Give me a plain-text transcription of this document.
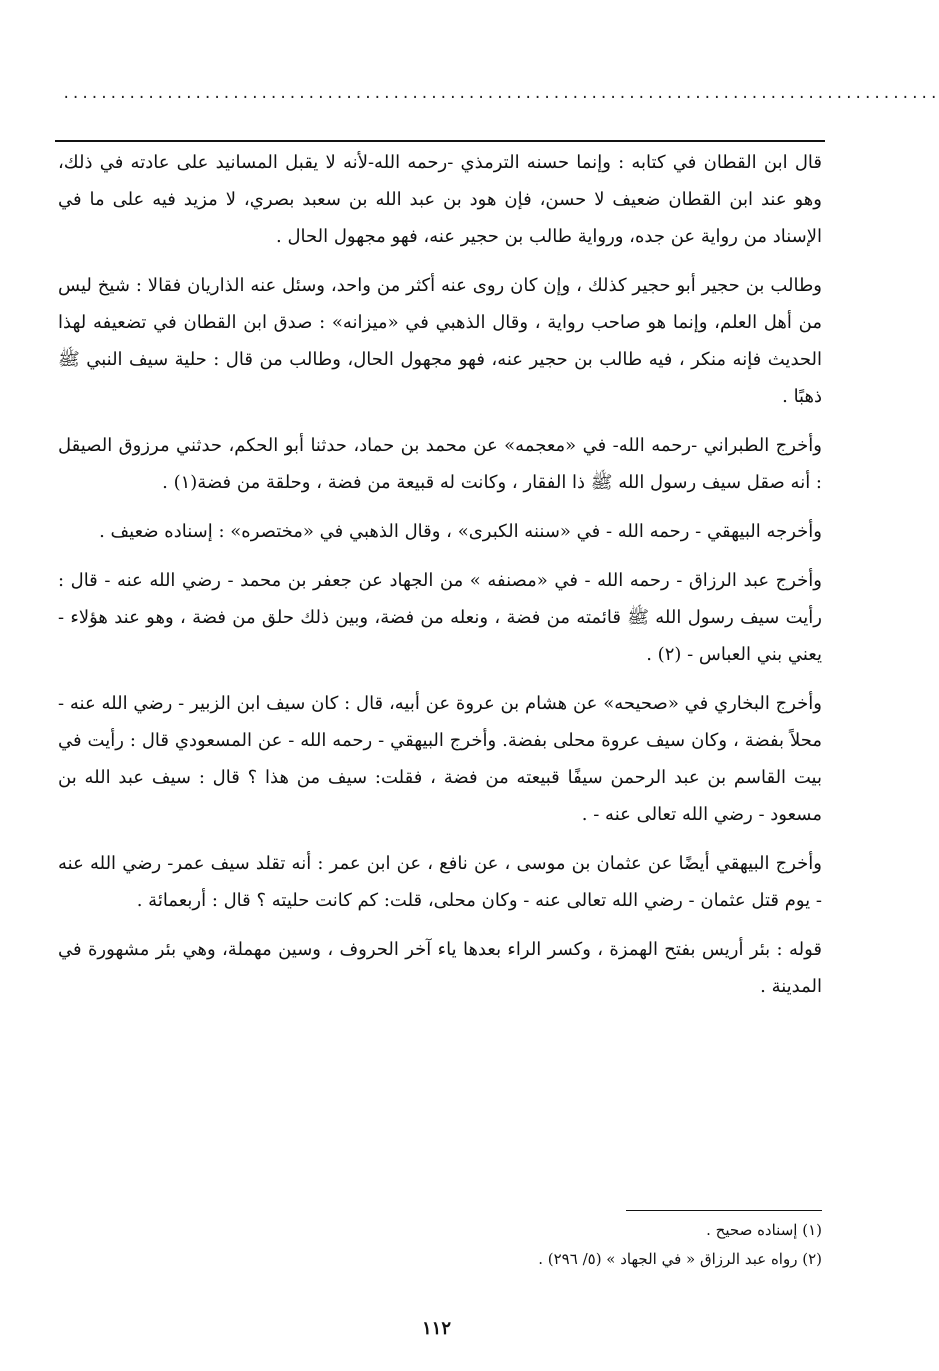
.............................................................................................

قال ابن القطان في كتابه : وإنما حسنه الترمذي -رحمه الله-لأنه لا يقبل المسانيد على عادته في ذلك، وهو عند ابن القطان ضعيف لا حسن، فإن هود بن عبد الله بن سعبد بصري، لا مزيد فيه على ما في الإسناد من رواية عن جده، ورواية طالب بن حجير عنه، فهو مجهول الحال .

وطالب بن حجير أبو حجير كذلك ، وإن كان روى عنه أكثر من واحد، وسئل عنه الذاريان فقالا : شيخ ليس من أهل العلم، وإنما هو صاحب رواية ، وقال الذهبي في «ميزانه» : صدق ابن القطان في تضعيفه لهذا الحديث فإنه منكر ، فيه طالب بن حجير عنه، فهو مجهول الحال، وطالب من قال : حلية سيف النبي ﷺ ذهبًا .

وأخرج الطبراني -رحمه الله- في «معجمه» عن محمد بن حماد، حدثنا أبو الحكم، حدثني مرزوق الصيقل : أنه صقل سيف رسول الله ﷺ ذا الفقار ، وكانت له قبيعة من فضة ، وحلقة من فضة(١) .

وأخرجه البيهقي - رحمه الله - في «سننه الكبرى» ، وقال الذهبي في «مختصره» : إسناده ضعيف .

وأخرج عبد الرزاق - رحمه الله - في «مصنفه » من الجهاد عن جعفر بن محمد - رضي الله عنه - قال : رأيت سيف رسول الله ﷺ قائمته من فضة ، ونعله من فضة، وبين ذلك حلق من فضة ، وهو عند هؤلاء - يعني بني العباس - (٢) .

وأخرج البخاري في «صحيحه» عن هشام بن عروة عن أبيه، قال : كان سيف ابن الزبير - رضي الله عنه - محلاً بفضة ، وكان سيف عروة محلى بفضة. وأخرج البيهقي - رحمه الله - عن المسعودي قال : رأيت في بيت القاسم بن عبد الرحمن سيفًا قبيعته من فضة ، فقلت: سيف من هذا ؟ قال : سيف عبد الله بن مسعود - رضي الله تعالى عنه - .

وأخرج البيهقي أيضًا عن عثمان بن موسى ، عن نافع ، عن ابن عمر : أنه تقلد سيف عمر- رضي الله عنه - يوم قتل عثمان - رضي الله تعالى عنه - وكان محلى، قلت: كم كانت حليته ؟ قال : أربعمائة .

قوله : بئر أريس بفتح الهمزة ، وكسر الراء بعدها ياء آخر الحروف ، وسين مهملة، وهي بئر مشهورة في المدينة .

(١) إسناده صحيح .
(٢) رواه عبد الرزاق « في الجهاد » (٥/ ٢٩٦) .
١١٢
